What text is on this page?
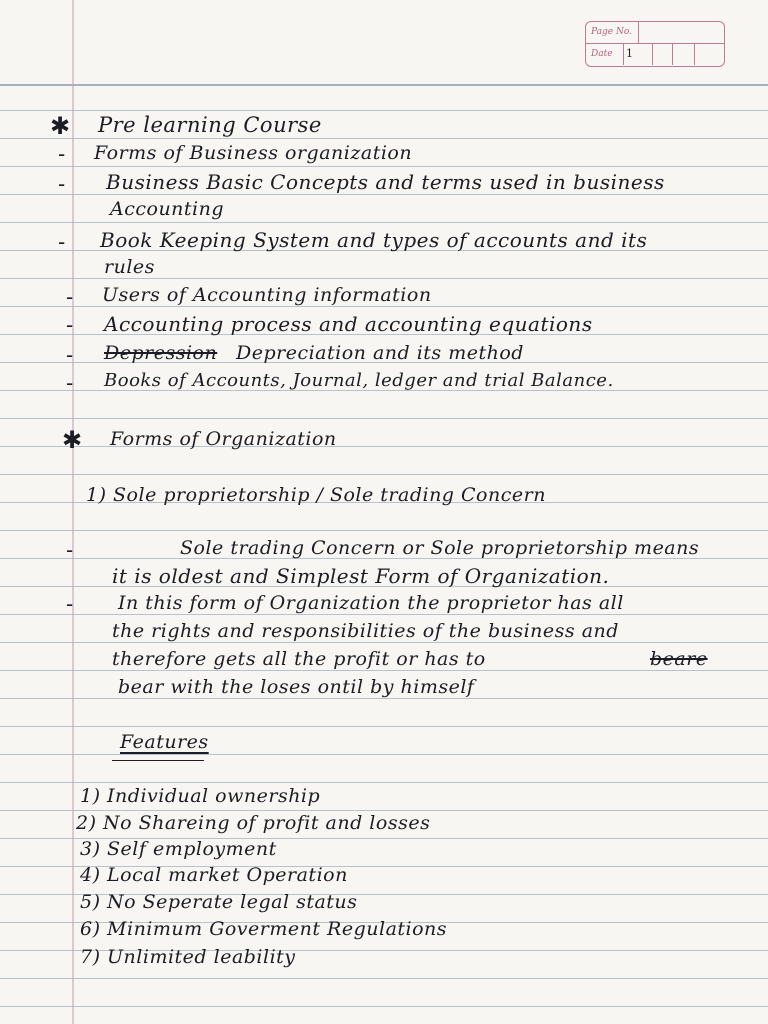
Page No.
Date 1
✱ Pre learning Course
- Forms of Business organization
- Business Basic Concepts and terms used in business
Accounting
- Book Keeping System and types of accounts and its
rules
- Users of Accounting information
- Accounting process and accounting equations
- Depression Depreciation and its method
- Books of Accounts, Journal, ledger and trial Balance.
✱ Forms of Organization
1) Sole proprietorship / Sole trading Concern
-	Sole trading Concern or Sole proprietorship means
it is oldest and Simplest Form of Organization.
- In this form of Organization the proprietor has all
the rights and responsibilities of the business and
therefore gets all the profit or has to	beare
bear with the loses ontil by himself
Features
1) Individual ownership
2) No Shareing of profit and losses
3) Self employment
4) Local market Operation
5) No Seperate legal status
6) Minimum Goverment Regulations
7) Unlimited leability
